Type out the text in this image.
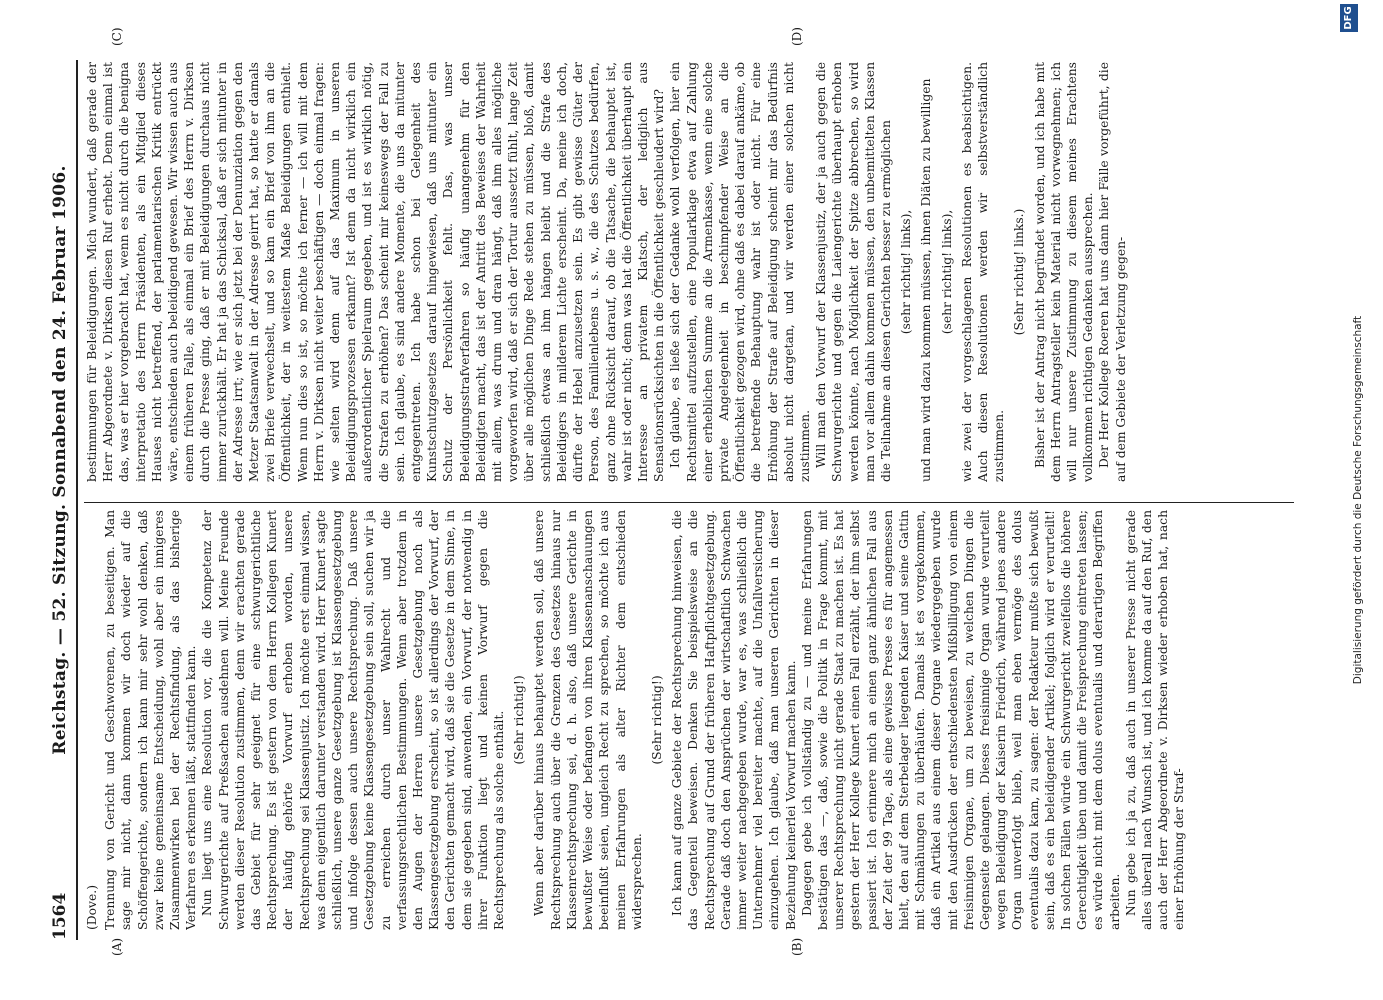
1564
Reichstag. — 52. Sitzung. Sonnabend den 24. Februar 1906.
(A)	(B)
(C)	(D)

(Dove.) Trennung von Gericht und Geschworenen, zu beseitigen. Man sage mir nicht, dann kommen wir doch wieder auf die Schöffengerichte, sondern ich kann mir sehr wohl denken, daß zwar keine gemeinsame Entscheidung, wohl aber ein innigeres Zusammenwirken bei der Rechtsfindung, als das bisherige Verfahren es erkennen läßt, stattfinden kann. Nun liegt uns eine Resolution vor, die die Kompetenz der Schwurgerichte auf Preßsachen ausdehnen will. Meine Freunde werden dieser Resolution zustimmen, denn wir erachten gerade das Gebiet für sehr geeignet für eine schwurgerichtliche Rechtsprechung. Es ist gestern von dem Herrn Kollegen Kunert der häufig gehörte Vorwurf erhoben worden, unsere Rechtsprechung sei Klassenjustiz. Ich möchte erst einmal wissen, was denn eigentlich darunter verstanden wird. Herr Kunert sagte schließlich, unsere ganze Gesetzgebung ist Klassengesetzgebung und infolge dessen auch unsere Rechtsprechung. Daß unsere Gesetzgebung keine Klassengesetzgebung sein soll, suchen wir ja zu erreichen durch unser Wahlrecht und die verfassungsrechtlichen Bestimmungen. Wenn aber trotzdem in den Augen der Herren unsere Gesetzgebung noch als Klassengesetzgebung erscheint, so ist allerdings der Vorwurf, der den Gerichten gemacht wird, daß sie die Gesetze in dem Sinne, in dem sie gegeben sind, anwenden, ein Vorwurf, der notwendig in ihrer Funktion liegt und keinen Vorwurf gegen die Rechtsprechung als solche enthält. (Sehr richtig!) Wenn aber darüber hinaus behauptet werden soll, daß unsere Rechtsprechung auch über die Grenzen des Gesetzes hinaus nur Klassenrechtsprechung sei, d. h. also, daß unsere Gerichte in bewußter Weise oder befangen von ihren Klassenanschauungen beeinflußt seien, ungleich Recht zu sprechen, so möchte ich aus meinen Erfahrungen als alter Richter dem entschieden widersprechen.

(Sehr richtig!) Ich kann auf ganze Gebiete der Rechtsprechung hinweisen, die das Gegenteil beweisen. Denken Sie beispielsweise an die Rechtsprechung auf Grund der früheren Haftpflichtgesetzgebung. Gerade daß doch den Ansprüchen der wirtschaftlich Schwachen immer weiter nachgegeben wurde, war es, was schließlich die Unternehmer viel bereiter machte, auf die Unfallversicherung einzugehen. Ich glaube, daß man unseren Gerichten in dieser Beziehung keinerlei Vorwurf machen kann. Dagegen gebe ich vollständig zu — und meine Erfahrungen bestätigen das —, daß, sowie die Politik in Frage kommt, mit unserer Rechtsprechung nicht gerade Staat zu machen ist. Es hat gestern der Herr Kollege Kunert einen Fall erzählt, der ihm selbst passiert ist. Ich erinnere mich an einen ganz ähnlichen Fall aus der Zeit der 99 Tage, als eine gewisse Presse es für angemessen hielt, den auf dem Sterbelager liegenden Kaiser und seine Gattin mit Schmähungen zu überhäufen. Damals ist es vorgekommen, daß ein Artikel aus einem dieser Organe wiedergegeben wurde mit den Ausdrücken der entschiedensten Mißbilligung von einem freisinnigen Organe, um zu beweisen, zu welchen Dingen die Gegenseite gelangen. Dieses freisinnige Organ wurde verurteilt wegen Beleidigung der Kaiserin Friedrich, während jenes andere Organ unverfolgt blieb, weil man eben vermöge des dolus eventualis dazu kam, zu sagen: der Redakteur mußte sich bewußt sein, daß es ein beleidigender Artikel; folglich wird er verurteilt! In solchen Fällen würde ein Schwurgericht zweifellos die höhere Gerechtigkeit üben und damit die Freisprechung eintreten lassen; es würde nicht mit dem dolus eventualis und derartigen Begriffen arbeiten. Nun gebe ich ja zu, daß auch in unserer Presse nicht gerade alles überall nach Wunsch ist, und ich komme da auf den Ruf, den auch der Herr Abgeordnete v. Dirksen wieder erhoben hat, nach einer Erhöhung der Straf-

bestimmungen für Beleidigungen. Mich wundert, daß gerade der Herr Abgeordnete v. Dirksen diesen Ruf erhebt. Denn einmal ist das, was er hier vorgebracht hat, wenn es nicht durch die benigna interpretatio des Herrn Präsidenten, als ein Mitglied dieses Hauses nicht betreffend, der parlamentarischen Kritik entrückt wäre, entschieden auch beleidigend gewesen. Wir wissen auch aus einem früheren Falle, als einmal ein Brief des Herrn v. Dirksen durch die Presse ging, daß er mit Beleidigungen durchaus nicht immer zurückhält. Er hat ja das Schicksal, daß er sich mitunter in der Adresse irrt; wie er sich jetzt bei der Denunziation gegen den Metzer Staatsanwalt in der Adresse geirrt hat, so hatte er damals zwei Briefe verwechselt, und so kam ein Brief von ihm an die Öffentlichkeit, der in weitestem Maße Beleidigungen enthielt. Wenn nun dies so ist, so möchte ich ferner — ich will mit dem Herrn v. Dirksen nicht weiter beschäftigen — doch einmal fragen: wie selten wird denn auf das Maximum in unseren Beleidigungsprozessen erkannt? Ist denn da nicht wirklich ein außerordentlicher Spielraum gegeben, und ist es wirklich nötig, die Strafen zu erhöhen? Das scheint mir keineswegs der Fall zu sein. Ich glaube, es sind andere Momente, die uns da mitunter entgegentreten. Ich habe schon bei Gelegenheit des Kunstschutzgesetzes darauf hingewiesen, daß uns mitunter ein Schutz der Persönlichkeit fehlt. Das, was unser Beleidigungsstrafverfahren so häufig unangenehm für den Beleidigten macht, das ist der Antritt des Beweises der Wahrheit mit allem, was drum und dran hängt, daß ihm alles mögliche vorgeworfen wird, daß er sich der Tortur aussetzt fühlt, lange Zeit über alle möglichen Dinge Rede stehen zu müssen, bloß, damit schließlich etwas an ihm hängen bleibt und die Strafe des Beleidigers in milderem Lichte erscheint. Da, meine ich doch, dürfte der Hebel anzusetzen sein. Es gibt gewisse Güter der Person, des Familienlebens u. s. w., die des Schutzes bedürfen, ganz ohne Rücksicht darauf, ob die Tatsache, die behauptet ist, wahr ist oder nicht; denn was hat die Öffentlichkeit überhaupt ein Interesse an privatem Klatsch, der lediglich aus Sensationsrücksichten in die Öffentlichkeit geschleudert wird? Ich glaube, es ließe sich der Gedanke wohl verfolgen, hier ein Rechtsmittel aufzustellen, eine Popularklage etwa auf Zahlung einer erheblichen Summe an die Armenkasse, wenn eine solche private Angelegenheit in beschimpfender Weise an die Öffentlichkeit gezogen wird, ohne daß es dabei darauf ankäme, ob die betreffende Behauptung wahr ist oder nicht. Für eine Erhöhung der Strafe auf Beleidigung scheint mir das Bedürfnis absolut nicht dargetan, und wir werden einer solchen nicht zustimmen. Will man den Vorwurf der Klassenjustiz, der ja auch gegen die Schwurgerichte und gegen die Laiengerichte überhaupt erhoben werden könnte, nach Möglichkeit der Spitze abbrechen, so wird man vor allem dahin kommen müssen, den unbemittelten Klassen die Teilnahme an diesen Gerichten besser zu ermöglichen (sehr richtig! links), und man wird dazu kommen müssen, ihnen Diäten zu bewilligen (sehr richtig! links), wie zwei der vorgeschlagenen Resolutionen es beabsichtigen. Auch diesen Resolutionen werden wir selbstverständlich zustimmen.

(Sehr richtig! links.) Bisher ist der Antrag nicht begründet worden, und ich habe mit dem Herrn Antragsteller kein Material nicht vorwegnehmen; ich will nur unsere Zustimmung zu diesem meines Erachtens vollkommen richtigen Gedanken aussprechen. Der Herr Kollege Roeren hat uns dann hier Fälle vorgeführt, die auf dem Gebiete der Verletzung gegen-	Digitalisierung gefördert durch die Deutsche Forschungsgemeinschaft
DFG
